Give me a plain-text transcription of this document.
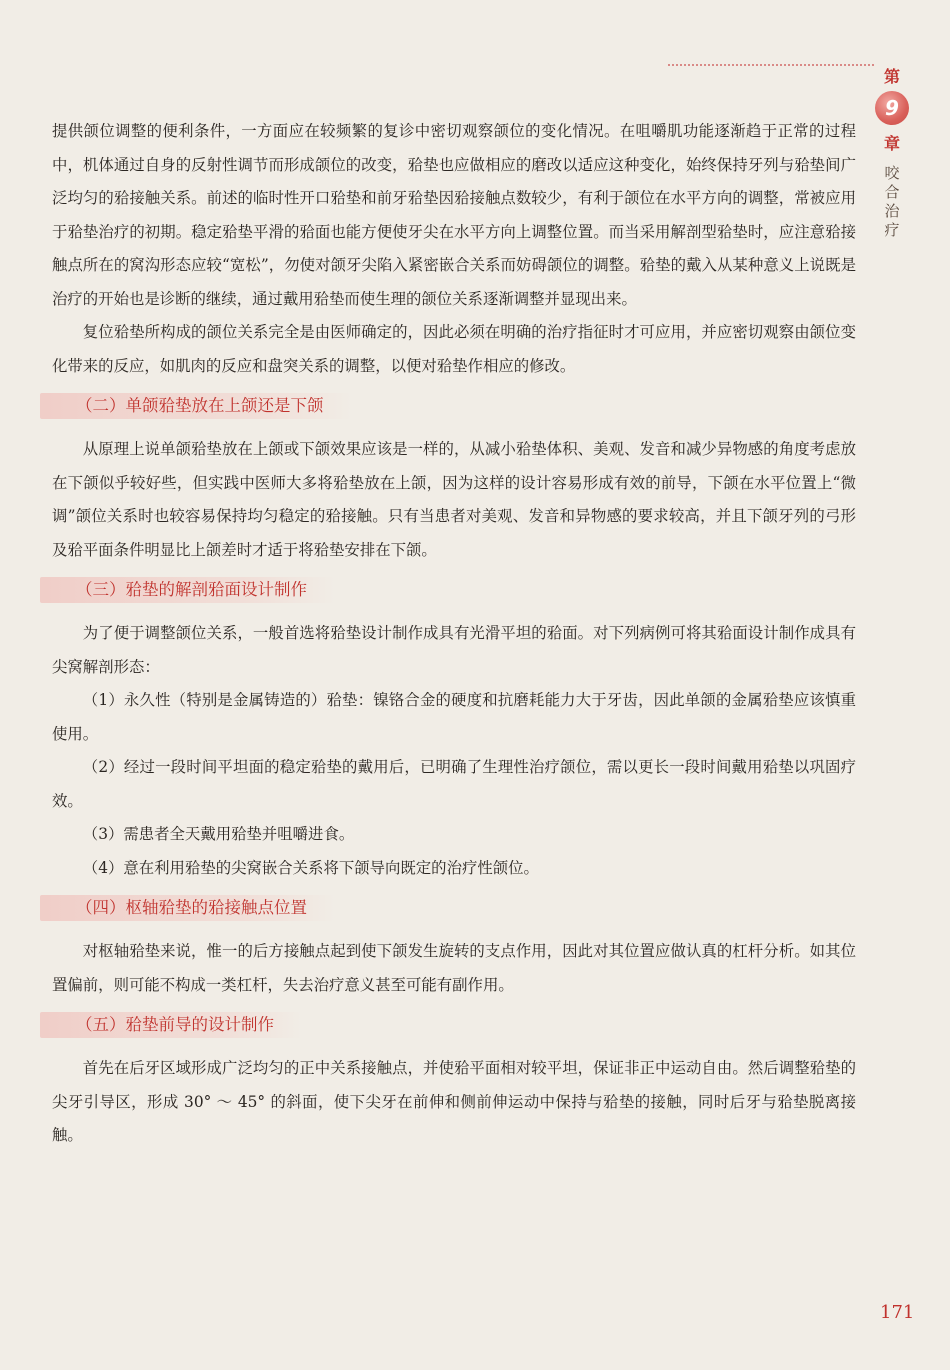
第
9
章
咬合治疗

提供颌位调整的便利条件，一方面应在较频繁的复诊中密切观察颌位的变化情况。在咀嚼肌功能逐渐趋于正常的过程中，机体通过自身的反射性调节而形成颌位的改变，𬌗垫也应做相应的磨改以适应这种变化，始终保持牙列与𬌗垫间广泛均匀的𬌗接触关系。前述的临时性开口𬌗垫和前牙𬌗垫因𬌗接触点数较少，有利于颌位在水平方向的调整，常被应用于𬌗垫治疗的初期。稳定𬌗垫平滑的𬌗面也能方便使牙尖在水平方向上调整位置。而当采用解剖型𬌗垫时，应注意𬌗接触点所在的窝沟形态应较“宽松”，勿使对颌牙尖陷入紧密嵌合关系而妨碍颌位的调整。𬌗垫的戴入从某种意义上说既是治疗的开始也是诊断的继续，通过戴用𬌗垫而使生理的颌位关系逐渐调整并显现出来。

复位𬌗垫所构成的颌位关系完全是由医师确定的，因此必须在明确的治疗指征时才可应用，并应密切观察由颌位变化带来的反应，如肌肉的反应和盘突关系的调整，以便对𬌗垫作相应的修改。

（二）单颌𬌗垫放在上颌还是下颌

从原理上说单颌𬌗垫放在上颌或下颌效果应该是一样的，从减小𬌗垫体积、美观、发音和减少异物感的角度考虑放在下颌似乎较好些，但实践中医师大多将𬌗垫放在上颌，因为这样的设计容易形成有效的前导，下颌在水平位置上“微调”颌位关系时也较容易保持均匀稳定的𬌗接触。只有当患者对美观、发音和异物感的要求较高，并且下颌牙列的弓形及𬌗平面条件明显比上颌差时才适于将𬌗垫安排在下颌。

（三）𬌗垫的解剖𬌗面设计制作

为了便于调整颌位关系，一般首选将𬌗垫设计制作成具有光滑平坦的𬌗面。对下列病例可将其𬌗面设计制作成具有尖窝解剖形态：

（1）永久性（特别是金属铸造的）𬌗垫：镍铬合金的硬度和抗磨耗能力大于牙齿，因此单颌的金属𬌗垫应该慎重使用。

（2）经过一段时间平坦面的稳定𬌗垫的戴用后，已明确了生理性治疗颌位，需以更长一段时间戴用𬌗垫以巩固疗效。

（3）需患者全天戴用𬌗垫并咀嚼进食。

（4）意在利用𬌗垫的尖窝嵌合关系将下颌导向既定的治疗性颌位。

（四）枢轴𬌗垫的𬌗接触点位置

对枢轴𬌗垫来说，惟一的后方接触点起到使下颌发生旋转的支点作用，因此对其位置应做认真的杠杆分析。如其位置偏前，则可能不构成一类杠杆，失去治疗意义甚至可能有副作用。

（五）𬌗垫前导的设计制作

首先在后牙区域形成广泛均匀的正中关系接触点，并使𬌗平面相对较平坦，保证非正中运动自由。然后调整𬌗垫的尖牙引导区，形成 30° ～ 45° 的斜面，使下尖牙在前伸和侧前伸运动中保持与𬌗垫的接触，同时后牙与𬌗垫脱离接触。

171
